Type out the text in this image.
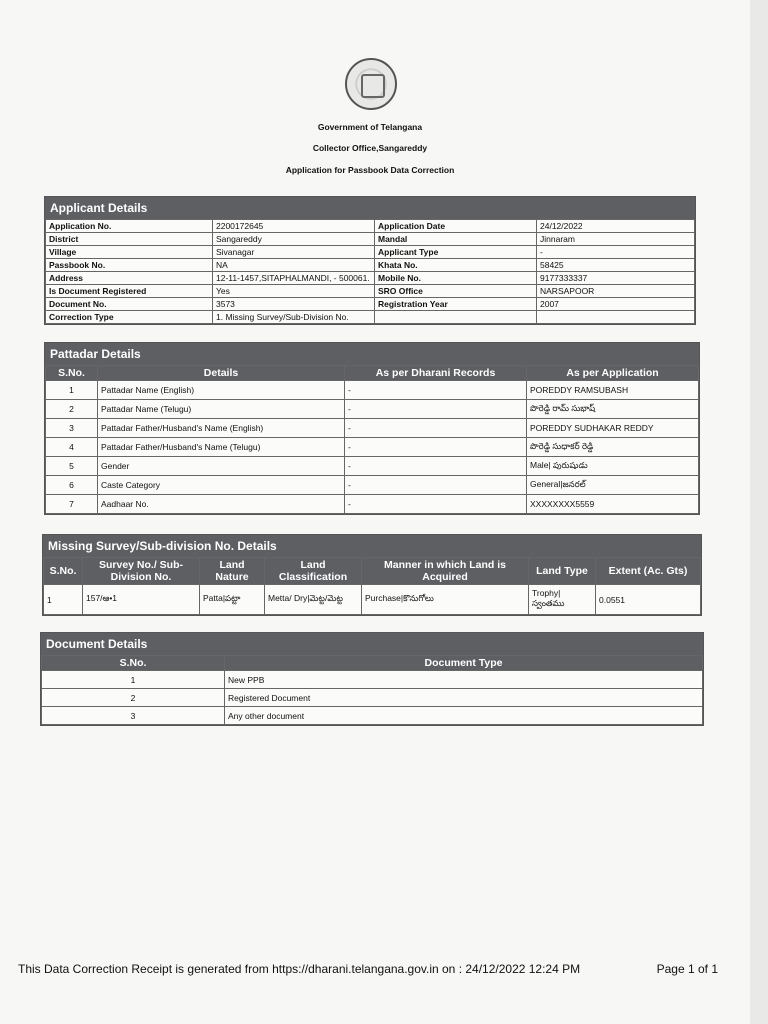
Government of Telangana
Collector Office,Sangareddy
Application for Passbook Data Correction
Applicant Details
Application No.	2200172645	Application Date	24/12/2022
District	Sangareddy	Mandal	Jinnaram
Village	Sivanagar	Applicant Type	-
Passbook No.	NA	Khata No.	58425
Address	12-11-1457,SITAPHALMANDI, - 500061.	Mobile No.	9177333337
Is Document Registered	Yes	SRO Office	NARSAPOOR
Document No.	3573	Registration Year	2007
Correction Type	1. Missing Survey/Sub-Division No.		
Pattadar Details
S.No.	Details	As per Dharani Records	As per Application
1	Pattadar Name (English)	-	POREDDY RAMSUBASH
2	Pattadar Name (Telugu)	-	పొరెడ్డి రామ్ సుభాష్
3	Pattadar Father/Husband's Name (English)	-	POREDDY SUDHAKAR REDDY
4	Pattadar Father/Husband's Name (Telugu)	-	పొరెడ్డి సుధాకర్ రెడ్డి
5	Gender	-	Male| పురుషుడు
6	Caste Category	-	General|జనరల్
7	Aadhaar No.	-	XXXXXXXX5559
Missing Survey/Sub-division No. Details
S.No.	Survey No./ Sub-Division No.	Land Nature	Land Classification	Manner in which Land is Acquired	Land Type	Extent (Ac. Gts)
1	157/ఆ•1	Patta|పట్టా	Metta/ Dry|మెట్ట/మెట్ట	Purchase|కొనుగోలు	Trophy| స్వంతము	0.0551
Document Details
S.No.	Document Type
1	New PPB
2	Registered Document
3	Any other document
This Data Correction Receipt is generated from https://dharani.telangana.gov.in on : 24/12/2022 12:24 PM	Page 1 of 1
